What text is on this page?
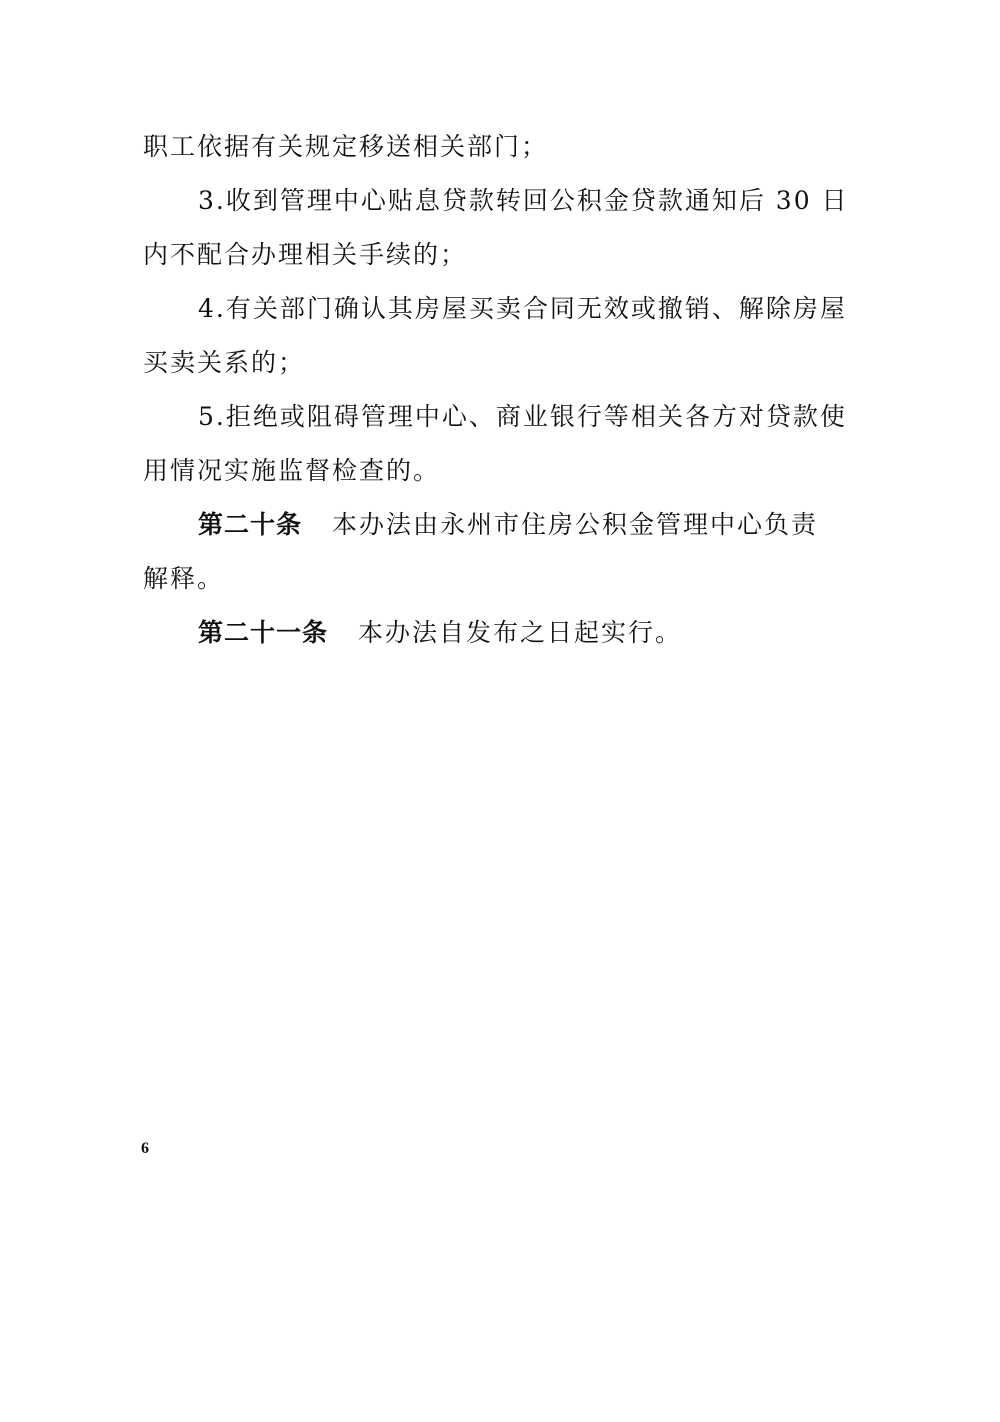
职工依据有关规定移送相关部门；
3.收到管理中心贴息贷款转回公积金贷款通知后 30 日
内不配合办理相关手续的；
4.有关部门确认其房屋买卖合同无效或撤销、解除房屋
买卖关系的；
5.拒绝或阻碍管理中心、商业银行等相关各方对贷款使
用情况实施监督检查的。
第二十条 本办法由永州市住房公积金管理中心负责
解释。
第二十一条 本办法自发布之日起实行。
6
